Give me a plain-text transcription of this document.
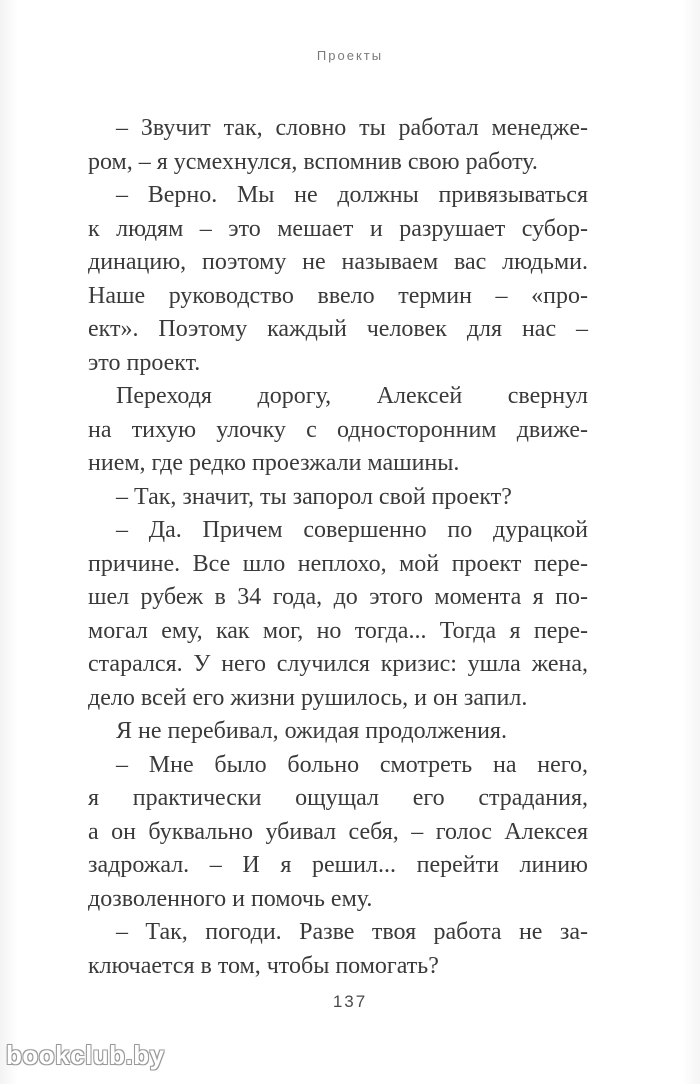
Проекты
– Звучит так, словно ты работал менеджe-
ром, – я усмехнулся, вспомнив свою работу.
– Верно. Мы не должны привязываться
к людям – это мешает и разрушает субор-
динацию, поэтому не называем вас людьми.
Наше руководство ввело термин – «про-
ект». Поэтому каждый человек для нас –
это проект.
Переходя дорогу, Алексей свернул
на тихую улочку с односторонним движе-
нием, где редко проезжали машины.
– Так, значит, ты запорол свой проект?
– Да. Причем совершенно по дурацкой
причине. Все шло неплохо, мой проект пере-
шел рубеж в 34 года, до этого момента я по-
могал ему, как мог, но тогда... Тогда я пере-
старался. У него случился кризис: ушла жена,
дело всей его жизни рушилось, и он запил.
Я не перебивал, ожидая продолжения.
– Мне было больно смотреть на него,
я практически ощущал его страдания,
а он буквально убивал себя, – голос Алексея
задрожал. – И я решил... перейти линию
дозволенного и помочь ему.
– Так, погоди. Разве твоя работа не за-
ключается в том, чтобы помогать?
137
bookclub.by
